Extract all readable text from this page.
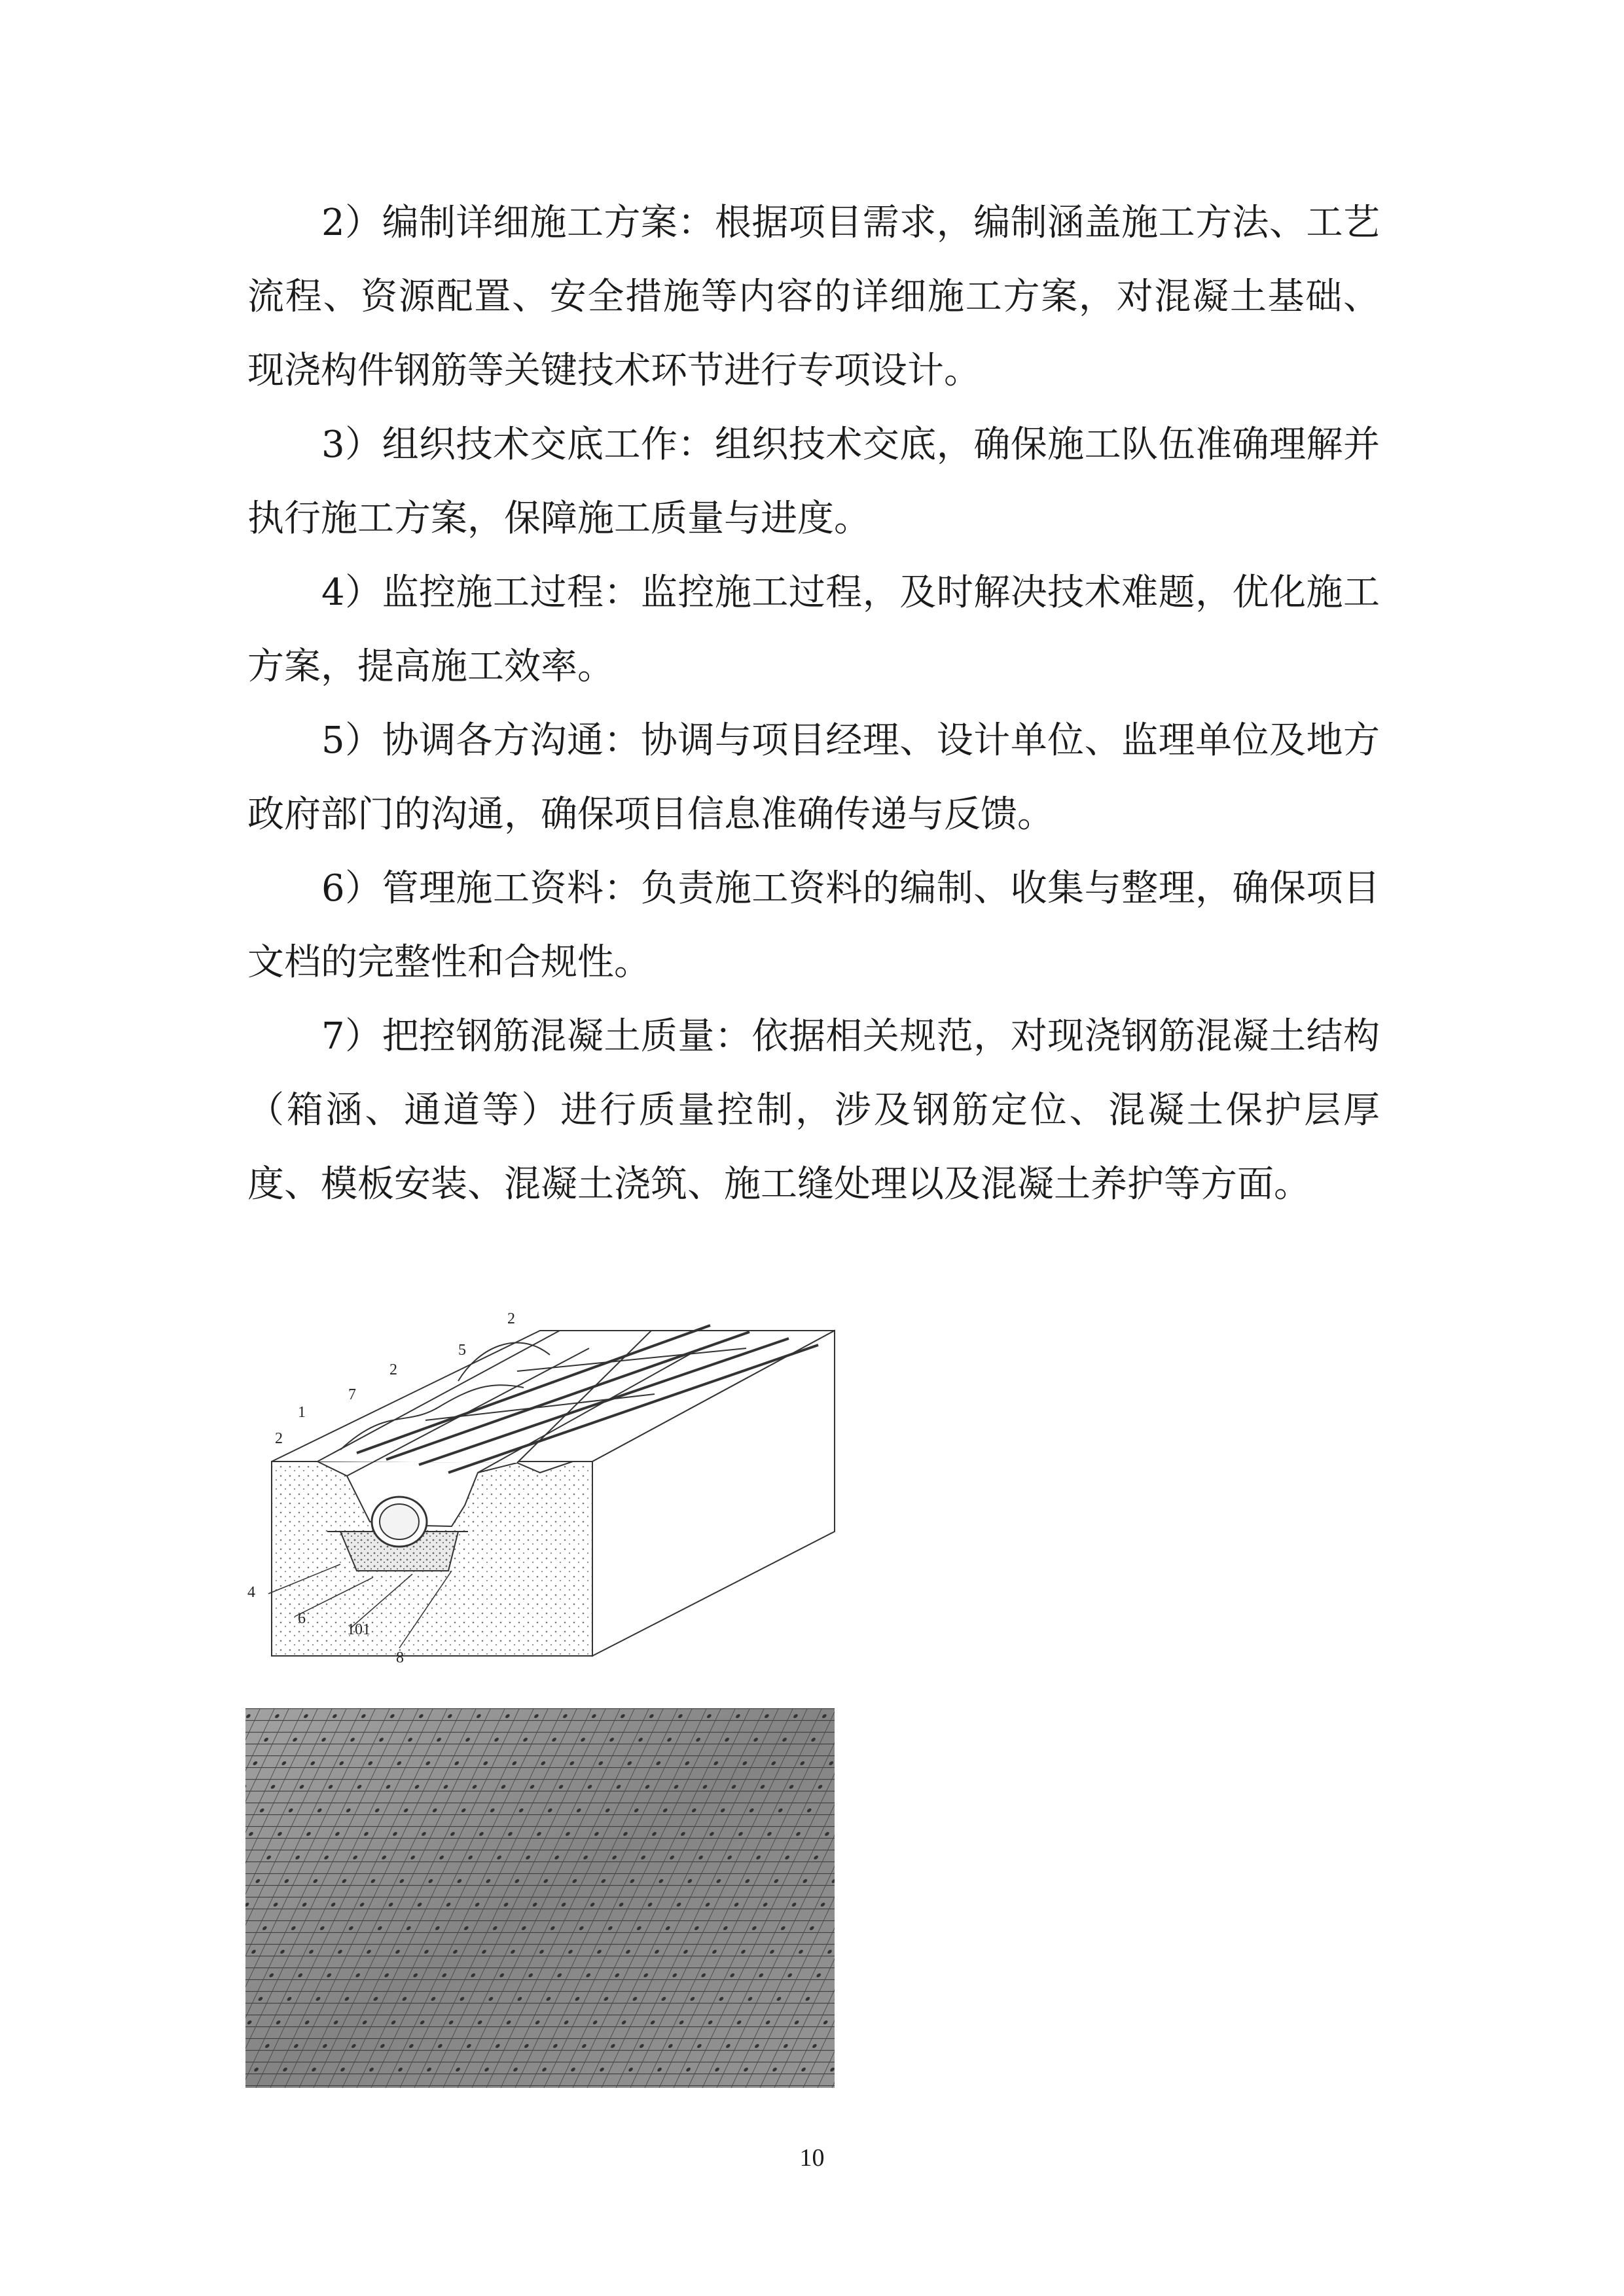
2）编制详细施工方案：根据项目需求，编制涵盖施工方法、工艺流程、资源配置、安全措施等内容的详细施工方案，对混凝土基础、现浇构件钢筋等关键技术环节进行专项设计。

3）组织技术交底工作：组织技术交底，确保施工队伍准确理解并执行施工方案，保障施工质量与进度。

4）监控施工过程：监控施工过程，及时解决技术难题，优化施工方案，提高施工效率。

5）协调各方沟通：协调与项目经理、设计单位、监理单位及地方政府部门的沟通，确保项目信息准确传递与反馈。

6）管理施工资料：负责施工资料的编制、收集与整理，确保项目文档的完整性和合规性。

7）把控钢筋混凝土质量：依据相关规范，对现浇钢筋混凝土结构（箱涵、通道等）进行质量控制，涉及钢筋定位、混凝土保护层厚度、模板安装、混凝土浇筑、施工缝处理以及混凝土养护等方面。

2
5
2
7
1
2
4
6
101
8
10
